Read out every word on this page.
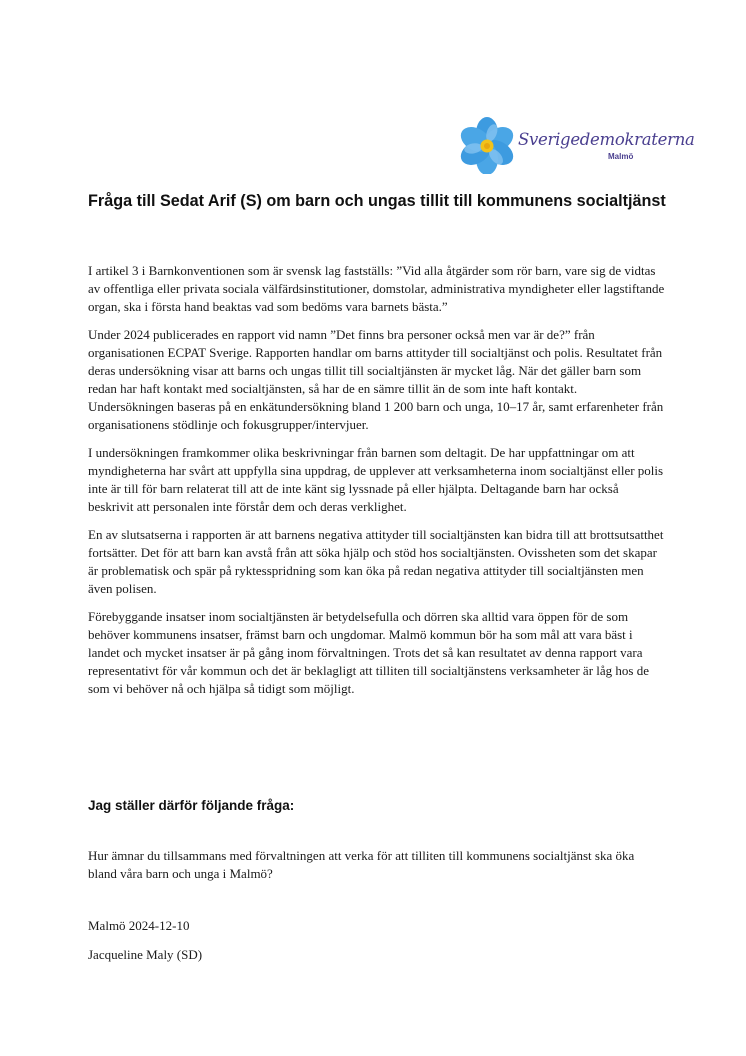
Sverigedemokraterna
Malmö
Fråga till Sedat Arif (S) om barn och ungas tillit till kommunens socialtjänst

I artikel 3 i Barnkonventionen som är svensk lag fastställs: ”Vid alla åtgärder som rör barn, vare sig de vidtas av offentliga eller privata sociala välfärdsinstitutioner, domstolar, administrativa myndigheter eller lagstiftande organ, ska i första hand beaktas vad som bedöms vara barnets bästa.”

Under 2024 publicerades en rapport vid namn ”Det finns bra personer också men var är de?” från organisationen ECPAT Sverige. Rapporten handlar om barns attityder till socialtjänst och polis. Resultatet från deras undersökning visar att barns och ungas tillit till socialtjänsten är mycket låg. När det gäller barn som redan har haft kontakt med socialtjänsten, så har de en sämre tillit än de som inte haft kontakt. Undersökningen baseras på en enkätundersökning bland 1 200 barn och unga, 10–17 år, samt erfarenheter från organisationens stödlinje och fokusgrupper/intervjuer.

I undersökningen framkommer olika beskrivningar från barnen som deltagit. De har uppfattningar om att myndigheterna har svårt att uppfylla sina uppdrag, de upplever att verksamheterna inom socialtjänst eller polis inte är till för barn relaterat till att de inte känt sig lyssnade på eller hjälpta. Deltagande barn har också beskrivit att personalen inte förstår dem och deras verklighet.

En av slutsatserna i rapporten är att barnens negativa attityder till socialtjänsten kan bidra till att brottsutsatthet fortsätter. Det för att barn kan avstå från att söka hjälp och stöd hos socialtjänsten. Ovissheten som det skapar är problematisk och spär på ryktesspridning som kan öka på redan negativa attityder till socialtjänsten men även polisen.

Förebyggande insatser inom socialtjänsten är betydelsefulla och dörren ska alltid vara öppen för de som behöver kommunens insatser, främst barn och ungdomar. Malmö kommun bör ha som mål att vara bäst i landet och mycket insatser är på gång inom förvaltningen. Trots det så kan resultatet av denna rapport vara representativt för vår kommun och det är beklagligt att tilliten till socialtjänstens verksamheter är låg hos de som vi behöver nå och hjälpa så tidigt som möjligt.

Jag ställer därför följande fråga:

Hur ämnar du tillsammans med förvaltningen att verka för att tilliten till kommunens socialtjänst ska öka bland våra barn och unga i Malmö?

Malmö 2024-12-10

Jacqueline Maly (SD)
